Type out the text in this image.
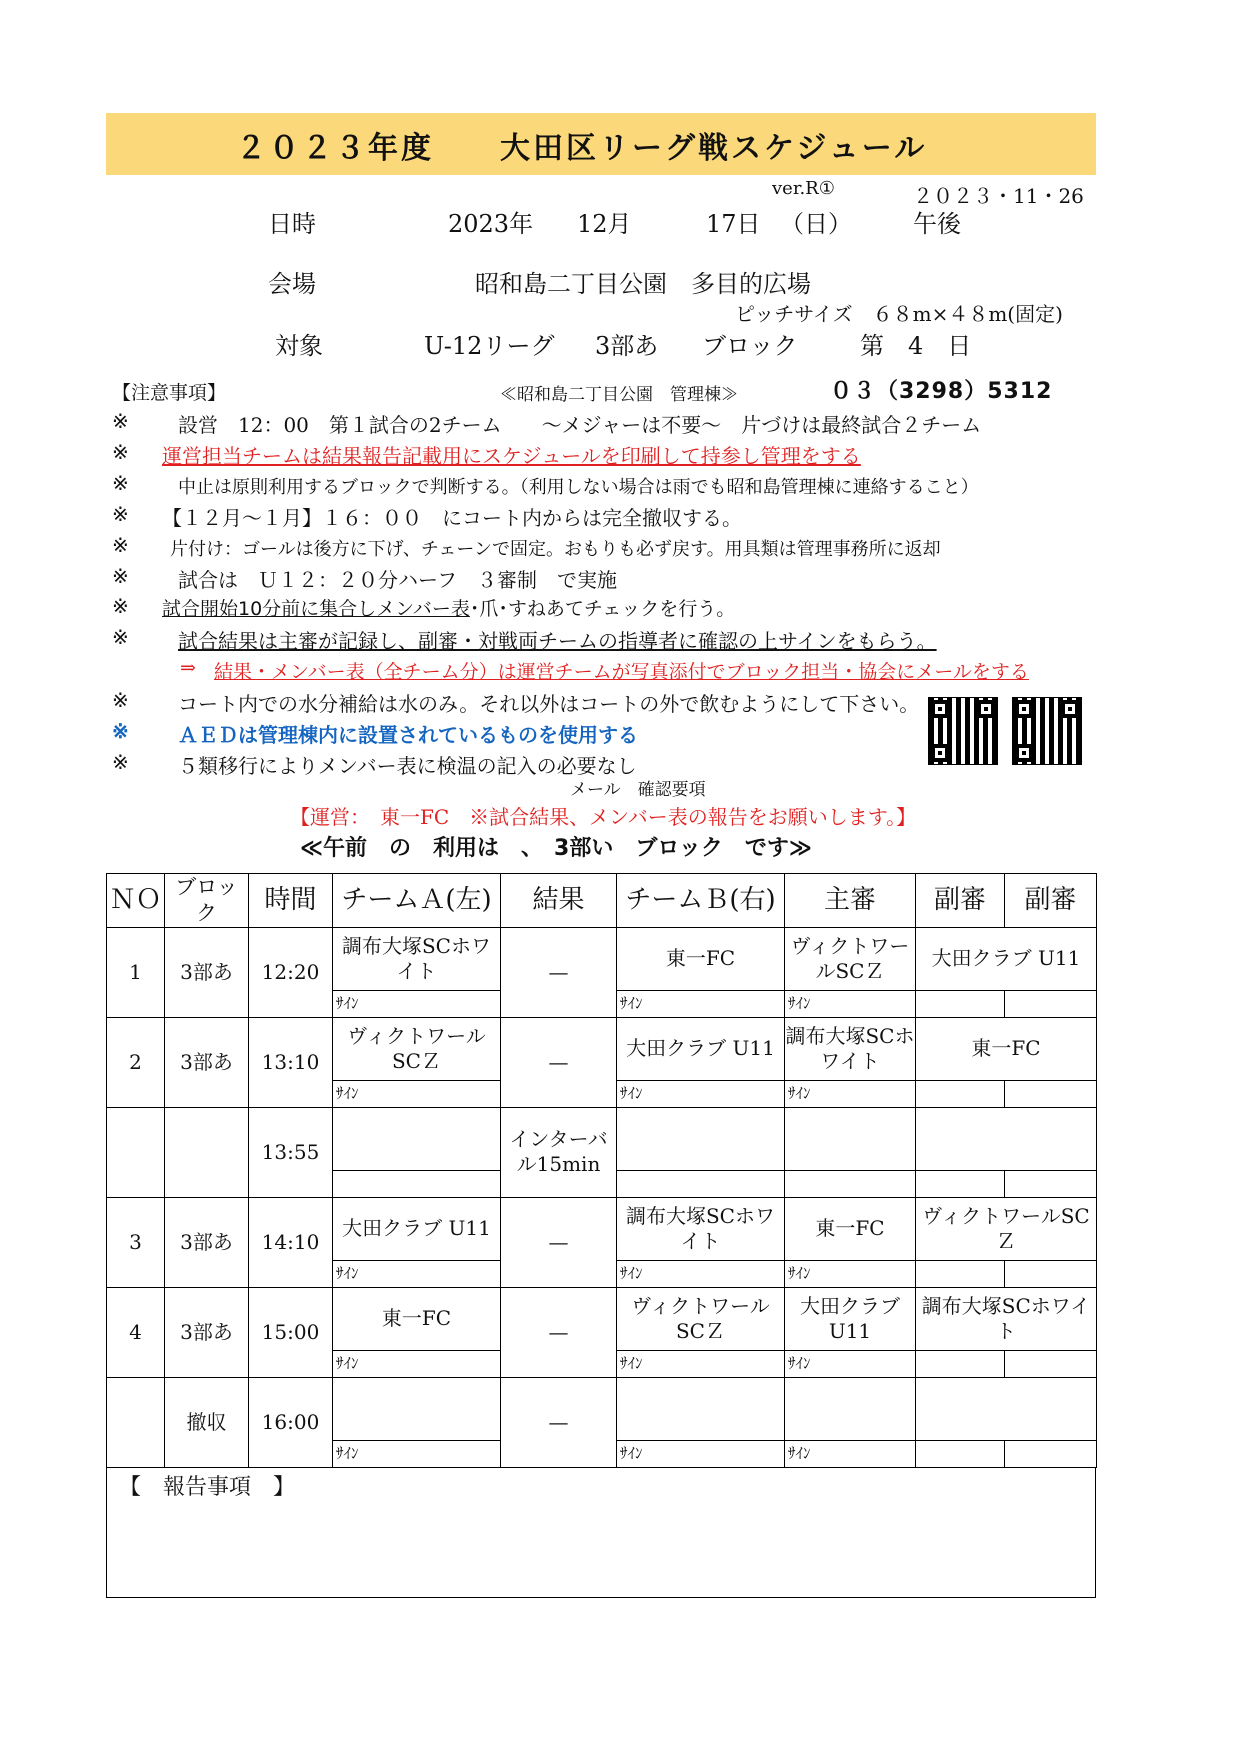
２０２３年度　　大田区リーグ戦スケジュール
ver.R①	２０２３・11・26
日時	2023年 12月	17日 （日）	午後
会場	昭和島二丁目公園　多目的広場
ピッチサイズ　６８m×４８m(固定)
対象	U-12リーグ 3部あ ブロック	第　4　日
【注意事項】	≪昭和島二丁目公園　管理棟≫	０３（3298）5312
※ 設営　12：00　第１試合の2チーム　　～メジャーは不要～　片づけは最終試合２チーム
※ 運営担当チームは結果報告記載用にスケジュールを印刷して持参し管理をする
※	中止は原則利用するブロックで判断する。（利用しない場合は雨でも昭和島管理棟に連絡すること）
※ 【１２月～１月】１６：００　にコート内からは完全撤収する。
※ 片付け：ゴールは後方に下げ、チェーンで固定。おもりも必ず戻す。用具類は管理事務所に返却
※ 試合は　Ｕ１２：２０分ハーフ　３審制　で実施
※ 試合開始10分前に集合しメンバー表･爪･すねあてチェックを行う。
※ 試合結果は主審が記録し、副審・対戦両チームの指導者に確認の上サインをもらう。
⇒ 結果・メンバー表（全チーム分）は運営チームが写真添付でブロック担当・協会にメールをする
※ コート内での水分補給は水のみ。それ以外はコートの外で飲むようにして下さい。
※ ＡＥＤは管理棟内に設置されているものを使用する
※ ５類移行によりメンバー表に検温の記入の必要なし
メール　確認要項
【運営：　東一FC　※試合結果、メンバー表の報告をお願いします。】
≪午前　の　利用は　、　3部い　ブロック　です≫
ＮＯ	ブロック	時間	チームＡ(左)	結果	チームＢ(右)	主審	副審	副審
1	3部あ	12:20	調布大塚SCホワイト	—	東一FC	ヴィクトワールSCＺ	大田クラブ U11	
			ｻｲﾝ		ｻｲﾝ	ｻｲﾝ		
2	3部あ	13:10	ヴィクトワールSCＺ	—	大田クラブ U11	調布大塚SCホワイト	東一FC	
			ｻｲﾝ		ｻｲﾝ	ｻｲﾝ		
		13:55		インターバル15min				

3	3部あ	14:10	大田クラブ U11	—	調布大塚SCホワイト	東一FC	ヴィクトワールSCＺ	
			ｻｲﾝ		ｻｲﾝ	ｻｲﾝ		
4	3部あ	15:00	東一FC	—	ヴィクトワールSCＺ	大田クラブU11	調布大塚SCホワイト	
			ｻｲﾝ		ｻｲﾝ	ｻｲﾝ		
	撤収	16:00		—				
			ｻｲﾝ		ｻｲﾝ	ｻｲﾝ		
【　報告事項　】
